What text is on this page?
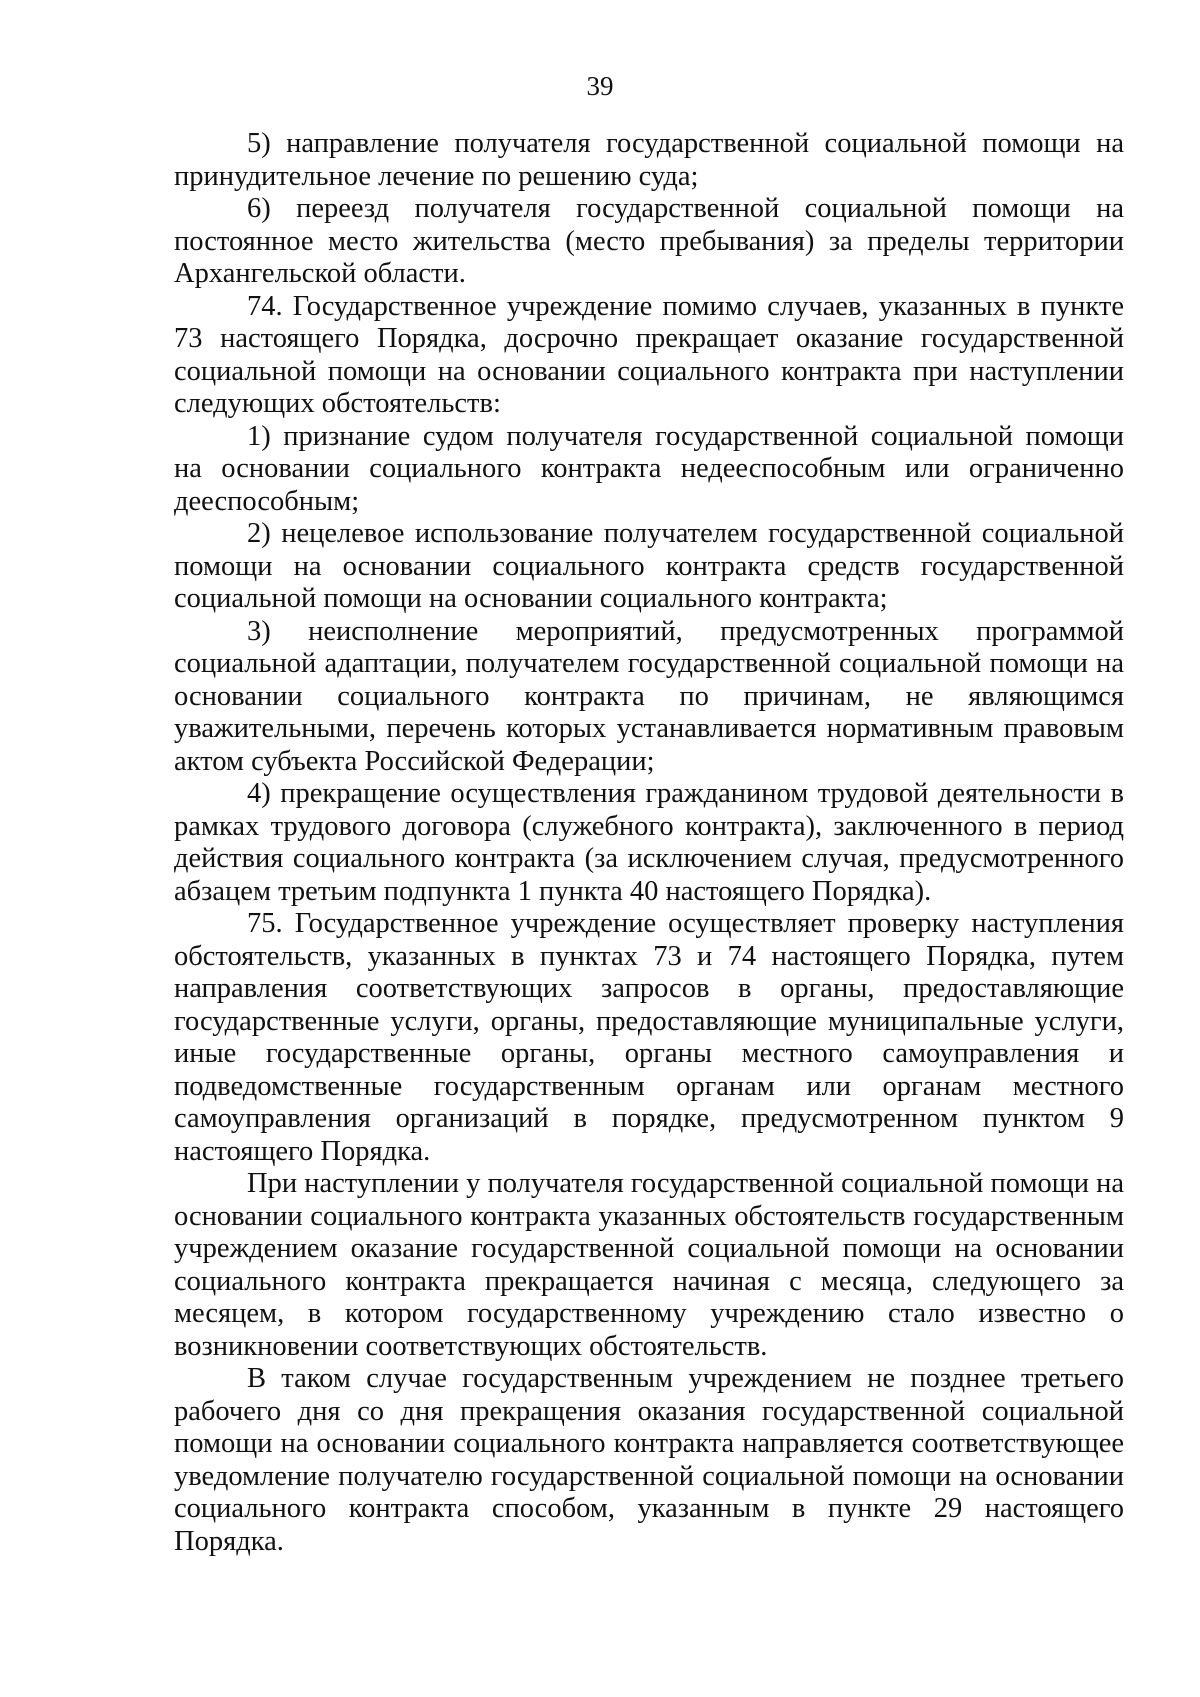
39

5) направление получателя государственной социальной помощи на принудительное лечение по решению суда;

6) переезд получателя государственной социальной помощи на постоянное место жительства (место пребывания) за пределы территории Архангельской области.

74. Государственное учреждение помимо случаев, указанных в пункте 73 настоящего Порядка, досрочно прекращает оказание государственной социальной помощи на основании социального контракта при наступлении следующих обстоятельств:

1) признание судом получателя государственной социальной помощи на основании социального контракта недееспособным или ограниченно дееспособным;

2) нецелевое использование получателем государственной социальной помощи на основании социального контракта средств государственной социальной помощи на основании социального контракта;

3) неисполнение мероприятий, предусмотренных программой социальной адаптации, получателем государственной социальной помощи на основании социального контракта по причинам, не являющимся уважительными, перечень которых устанавливается нормативным правовым актом субъекта Российской Федерации;

4) прекращение осуществления гражданином трудовой деятельности в рамках трудового договора (служебного контракта), заключенного в период действия социального контракта (за исключением случая, предусмотренного абзацем третьим подпункта 1 пункта 40 настоящего Порядка).

75. Государственное учреждение осуществляет проверку наступления обстоятельств, указанных в пунктах 73 и 74 настоящего Порядка, путем направления соответствующих запросов в органы, предоставляющие государственные услуги, органы, предоставляющие муниципальные услуги, иные государственные органы, органы местного самоуправления и подведомственные государственным органам или органам местного самоуправления организаций в порядке, предусмотренном пунктом 9 настоящего Порядка.

При наступлении у получателя государственной социальной помощи на основании социального контракта указанных обстоятельств государственным учреждением оказание государственной социальной помощи на основании социального контракта прекращается начиная с месяца, следующего за месяцем, в котором государственному учреждению стало известно о возникновении соответствующих обстоятельств.

В таком случае государственным учреждением не позднее третьего рабочего дня со дня прекращения оказания государственной социальной помощи на основании социального контракта направляется соответствующее уведомление получателю государственной социальной помощи на основании социального контракта способом, указанным в пункте 29 настоящего Порядка.
